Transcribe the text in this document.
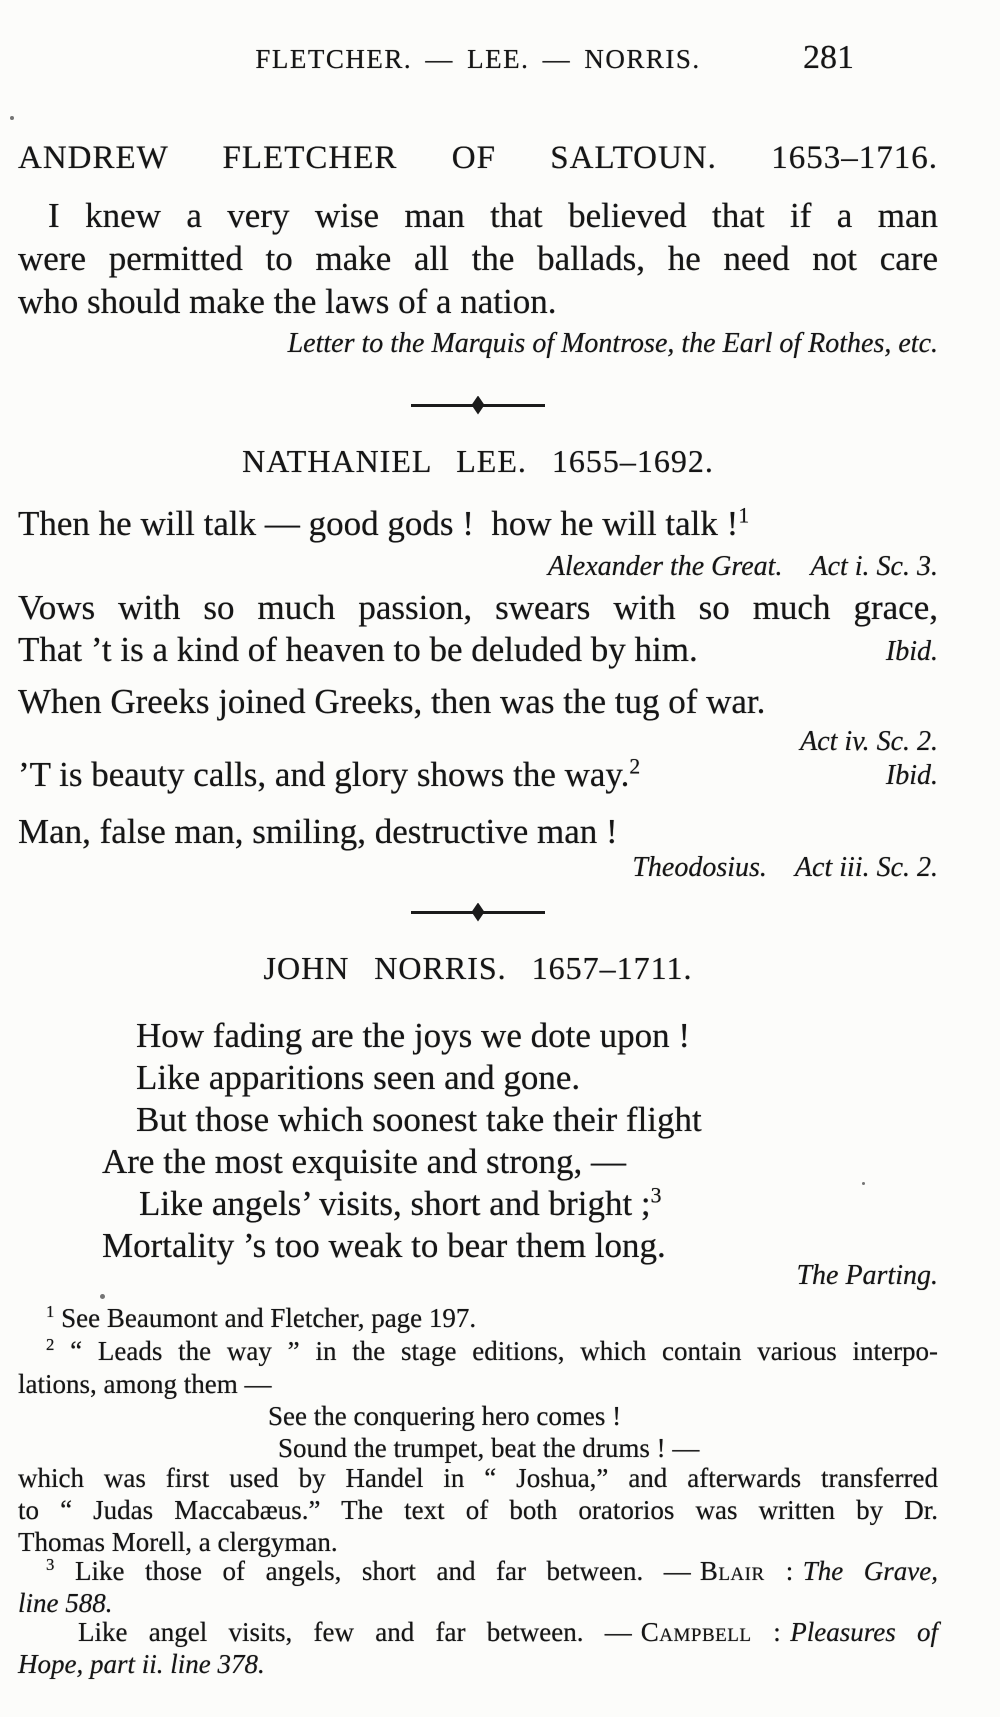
FLETCHER. — LEE. — NORRIS.	281
ANDREW FLETCHER OF SALTOUN. 1653–1716.
I knew a very wise man that believed that if a man
were permitted to make all the ballads, he need not care
who should make the laws of a nation.
Letter to the Marquis of Montrose, the Earl of Rothes, etc.
NATHANIEL LEE. 1655–1692.
Then he will talk — good gods !  how he will talk !$^1$
Alexander the Great. Act i. Sc. 3.
Vows with so much passion, swears with so much grace,
That ’t is a kind of heaven to be deluded by him.	Ibid.
When Greeks joined Greeks, then was the tug of war.
Act iv. Sc. 2.
’T is beauty calls, and glory shows the way.$^2$	Ibid.
Man, false man, smiling, destructive man !
Theodosius. Act iii. Sc. 2.
JOHN NORRIS. 1657–1711.
How fading are the joys we dote upon !
Like apparitions seen and gone.
But those which soonest take their flight
Are the most exquisite and strong, —
Like angels’ visits, short and bright ;$^3$
Mortality ’s too weak to bear them long.
The Parting.
$^1$ See Beaumont and Fletcher, page 197.
$^2$ “ Leads the way ” in the stage editions, which contain various interpo-
lations, among them —
See the conquering hero comes !
Sound the trumpet, beat the drums ! —
which was first used by Handel in “ Joshua,” and afterwards transferred
to “ Judas Maccabæus.” The text of both oratorios was written by Dr.
Thomas Morell, a clergyman.
$^3$ Like those of angels, short and far between. — Blair : The Grave,
line 588.
Like angel visits, few and far between. — Campbell : Pleasures of
Hope, part ii. line 378.
